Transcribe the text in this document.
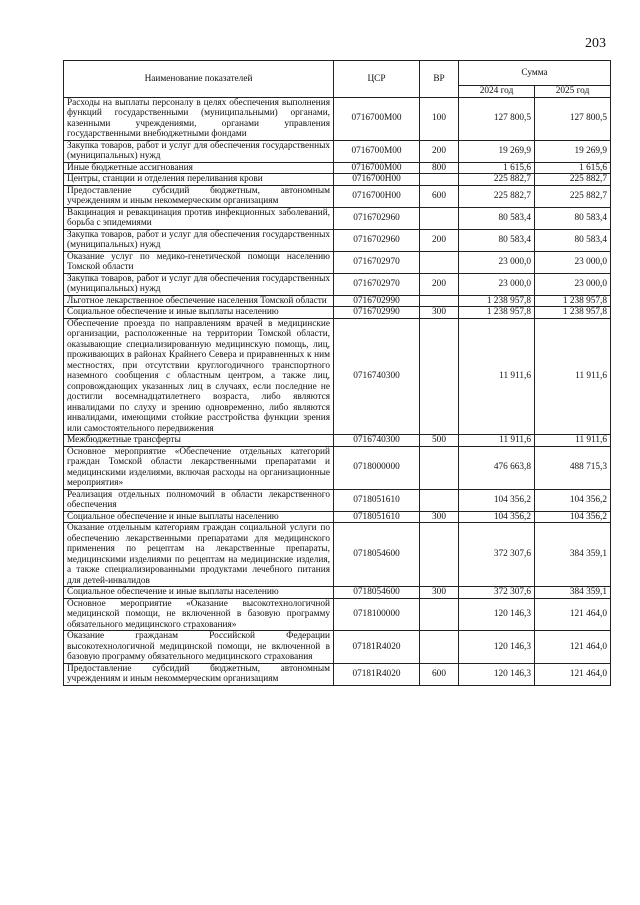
203
Наименование показателей	ЦСР	ВР	Сумма	
			2024 год	2025 год
Расходы на выплаты персоналу в целях обеспечения выполнения функций государственными (муниципальными) органами, казенными учреждениями, органами управления государственными внебюджетными фондами	0716700М00	100	127 800,5	127 800,5
Закупка товаров, работ и услуг для обеспечения государственных (муниципальных) нужд	0716700М00	200	19 269,9	19 269,9
Иные бюджетные ассигнования	0716700М00	800	1 615,6	1 615,6
Центры, станции и отделения переливания крови	0716700Н00		225 882,7	225 882,7
Предоставление субсидий бюджетным, автономным учреждениям и иным некоммерческим организациям	0716700Н00	600	225 882,7	225 882,7
Вакцинация и ревакцинация против инфекционных заболеваний, борьба с эпидемиями	0716702960		80 583,4	80 583,4
Закупка товаров, работ и услуг для обеспечения государственных (муниципальных) нужд	0716702960	200	80 583,4	80 583,4
Оказание услуг по медико-генетической помощи населению Томской области	0716702970		23 000,0	23 000,0
Закупка товаров, работ и услуг для обеспечения государственных (муниципальных) нужд	0716702970	200	23 000,0	23 000,0
Льготное лекарственное обеспечение населения Томской области	0716702990		1 238 957,8	1 238 957,8
Социальное обеспечение и иные выплаты населению	0716702990	300	1 238 957,8	1 238 957,8
Обеспечение проезда по направлениям врачей в медицинские организации, расположенные на территории Томской области, оказывающие специализированную медицинскую помощь, лиц, проживающих в районах Крайнего Севера и приравненных к ним местностях, при отсутствии круглогодичного транспортного наземного сообщения с областным центром, а также лиц, сопровождающих указанных лиц в случаях, если последние не достигли восемнадцатилетнего возраста, либо являются инвалидами по слуху и зрению одновременно, либо являются инвалидами, имеющими стойкие расстройства функции зрения или самостоятельного передвижения	0716740300		11 911,6	11 911,6
Межбюджетные трансферты	0716740300	500	11 911,6	11 911,6
Основное мероприятие «Обеспечение отдельных категорий граждан Томской области лекарственными препаратами и медицинскими изделиями, включая расходы на организационные мероприятия»	0718000000		476 663,8	488 715,3
Реализация отдельных полномочий в области лекарственного обеспечения	0718051610		104 356,2	104 356,2
Социальное обеспечение и иные выплаты населению	0718051610	300	104 356,2	104 356,2
Оказание отдельным категориям граждан социальной услуги по обеспечению лекарственными препаратами для медицинского применения по рецептам на лекарственные препараты, медицинскими изделиями по рецептам на медицинские изделия, а также специализированными продуктами лечебного питания для детей-инвалидов	0718054600		372 307,6	384 359,1
Социальное обеспечение и иные выплаты населению	0718054600	300	372 307,6	384 359,1
Основное мероприятие «Оказание высокотехнологичной медицинской помощи, не включенной в базовую программу обязательного медицинского страхования»	0718100000		120 146,3	121 464,0
Оказание гражданам Российской Федерации высокотехнологичной медицинской помощи, не включенной в базовую программу обязательного медицинского страхования	07181R4020		120 146,3	121 464,0
Предоставление субсидий бюджетным, автономным учреждениям и иным некоммерческим организациям	07181R4020	600	120 146,3	121 464,0
